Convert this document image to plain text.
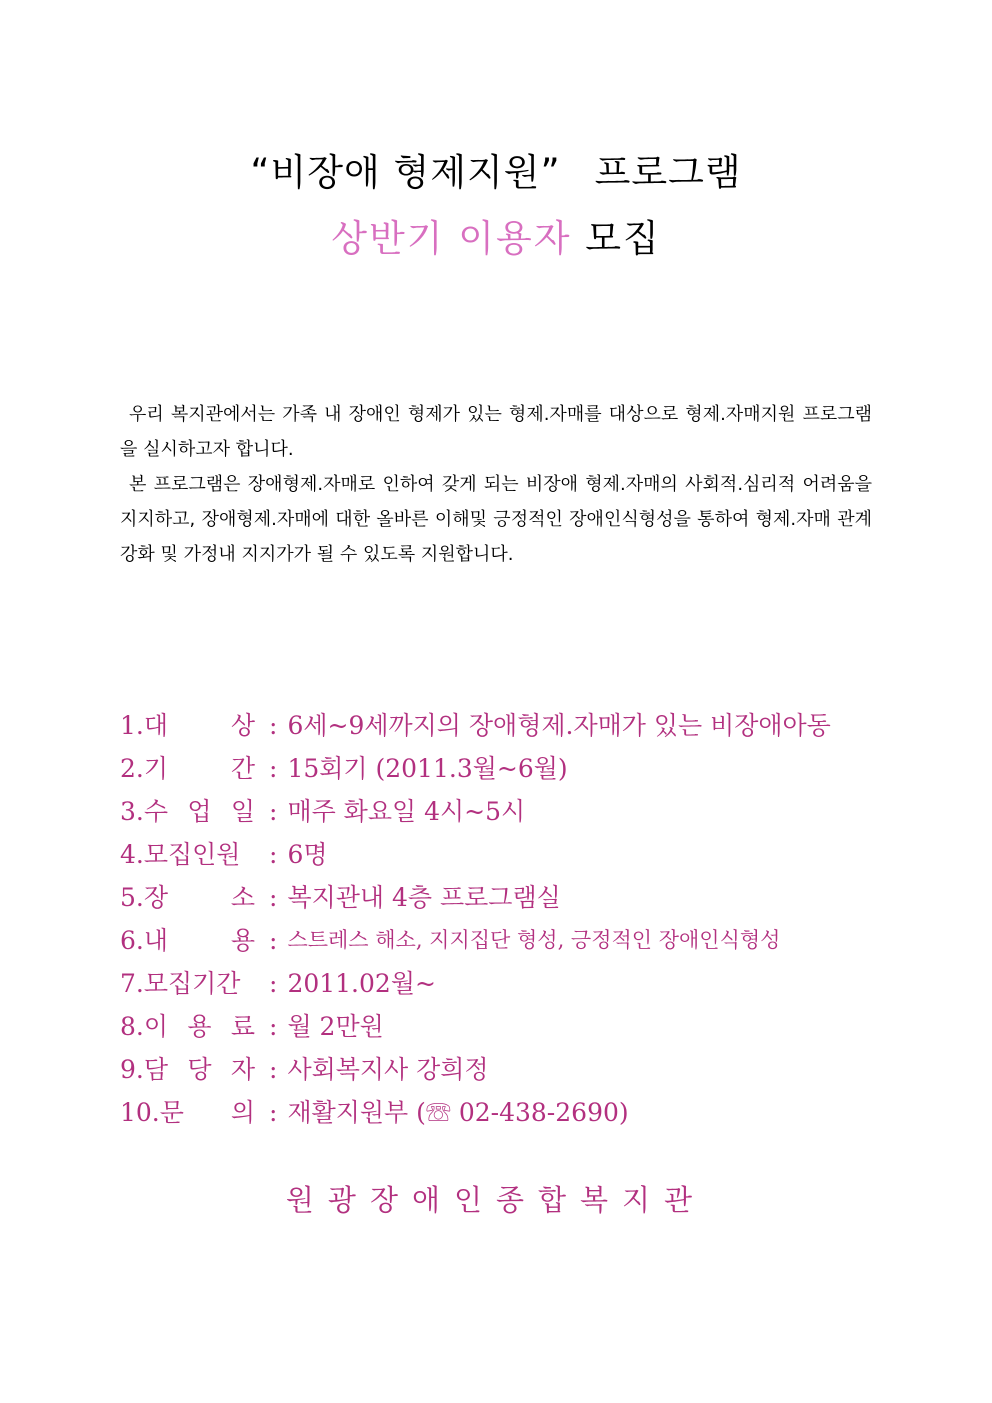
“비장애 형제지원” 프로그램
상반기 이용자 모집

우리 복지관에서는 가족 내 장애인 형제가 있는 형제.자매를 대상으로 형제.자매지원 프로그램을 실시하고자 합니다.

본 프로그램은 장애형제.자매로 인하여 갖게 되는 비장애 형제.자매의 사회적.심리적 어려움을 지지하고, 장애형제.자매에 대한 올바른 이해및 긍정적인 장애인식형성을 통하여 형제.자매 관계 강화 및 가정내 지지가가 될 수 있도록 지원합니다.

1.대 상 : 6세~9세까지의 장애형제.자매가 있는 비장애아동
2.기 간 : 15회기 (2011.3월~6월)
3.수 업 일 : 매주 화요일 4시~5시
4.모집인원	: 6명
5.장 소 : 복지관내 4층 프로그램실
6.내 용 : 스트레스 해소, 지지집단 형성, 긍정적인 장애인식형성
7.모집기간	: 2011.02월~
8.이 용 료 : 월 2만원
9.담 당 자 : 사회복지사 강희정
10.문 의 : 재활지원부 (☏ 02-438-2690)
원광장애인종합복지관
